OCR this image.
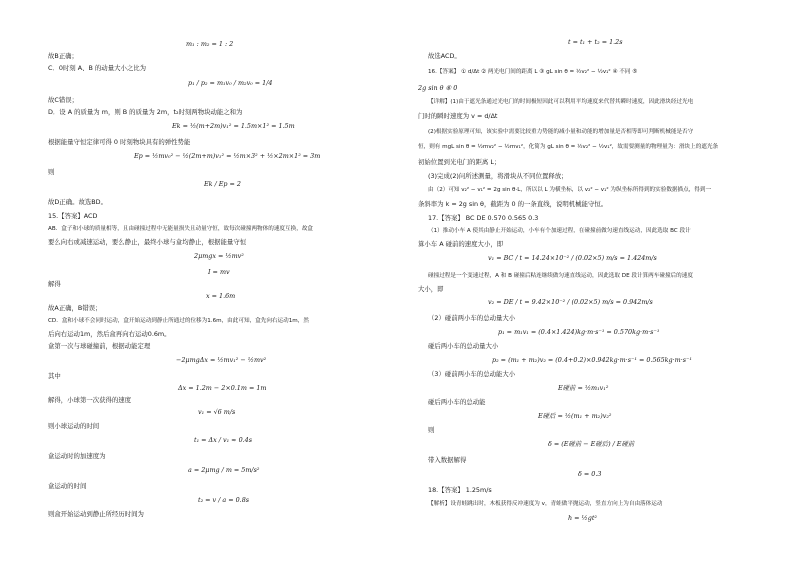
m₁ : m₂ = 1 : 2
故B正确；
C．0时刻 A、B 的动量大小之比为
p₁ / p₂ = m₁v₀ / m₂v₀ = 1/4
故C错误；
D．设 A 的质量为 m，则 B 的质量为 2m，t₂时刻两物块动能之和为
Ek = ½(m+2m)v₁² = 1.5m×1² = 1.5m
根据能量守恒定律可得 0 时刻物块具有的弹性势能
Ep = ½mv₀² − ½(2m+m)v₁² = ½m×3² + ½×2m×1² = 3m
则
Ek / Ep = 2
故D正确。故选BD。
15.【答案】ACD
AB．盒子和小球的质量相等，且由碰撞过程中无能量损失且动量守恒，故每次碰撞两物体的速度互换，故盒
要么向右或减速运动，要么静止，最终小球与盒均静止，根据能量守恒
2μmgx = ½mv²
I = mv
解得
x = 1.6m
故A正确，B错误；
CD．盒和小球不会同时运动，盒开始运动到静止所通过的位移为1.6m，由此可知，盒先向右运动1m，然
后向右运动1m，然后盒再向右运动0.6m。
盒第一次与球碰撞前，根据动能定理
−2μmgΔx = ½mv₁² − ½mv²
其中
Δx = 1.2m − 2×0.1m = 1m
解得，小球第一次获得的速度
v₁ = √6 m/s
则小球运动的时间
t₁ = Δx / v₁ ≈ 0.4s
盒运动时的加速度为
a = 2μmg / m = 5m/s²
盒运动的时间
t₂ = v / a = 0.8s
则盒开始运动到静止所经历时间为
t = t₁ + t₂ = 1.2s
故选ACD。
16.【答案】 ① d/Δt ② 两光电门间的距离 L ③ gL sin θ = ½v₂² − ½v₁² ④ 不同 ⑤
2g sin θ ⑥ 0
【详解】(1)由于遮光条通过光电门的时间极短因此可以利用平均速度来代替其瞬时速度，因此滑块经过光电
门时的瞬时速度为 v = d/Δt
(2)根据实验原理可知，该实验中需要比较重力势能的减小量和动能的增加量是否相等即可判断机械能是否守
恒，则有 mgL sin θ = ½mv₂² − ½mv₁²，化简为 gL sin θ = ½v₂² − ½v₁²，故需要测量的物理量为：滑块上的遮光条
初始位置到光电门的距离 L；
(3)完成(2)问所述测量，将滑块从不同位置释放；
由（2）可知 v₂² − v₁² = 2g sin θ·L，所以以 L 为横坐标，以 v₂² − v₁² 为纵坐标所得到的实验数据描点，得到一
条斜率为 k = 2g sin θ，截距为 0 的一条直线，说明机械能守恒。
17.【答案】 BC DE 0.570 0.565 0.3
（1）推动小车 A 使其由静止开始运动，小车有个加速过程，在碰撞前做匀速直线运动，因此选取 BC 段计
算小车 A 碰前的速度大小，即
v₁ = BC / t = 14.24×10⁻² / (0.02×5) m/s = 1.424m/s
碰撞过程是一个变速过程，A 和 B 碰撞后粘连继续做匀速直线运动，因此选取 DE 段计算两车碰撞后的速度
大小，即
v₂ = DE / t = 9.42×10⁻² / (0.02×5) m/s = 0.942m/s
（2）碰前两小车的总动量大小
p₁ = m₁v₁ = (0.4×1.424)kg·m·s⁻¹ = 0.570kg·m·s⁻¹
碰后两小车的总动量大小
p₂ = (m₁ + m₂)v₂ = (0.4+0.2)×0.942kg·m·s⁻¹ = 0.565kg·m·s⁻¹
（3）碰前两小车的总动能大小
E碰前 = ½m₁v₁²
碰后两小车的总动能
E碰后 = ½(m₁ + m₂)v₂²
则
δ = (E碰前 − E碰后) / E碰前
带入数据解得
δ = 0.3
18.【答案】 1.25m/s
【解析】设青蛙跳出时，木板获得反冲速度为 v，青蛙做平抛运动，竖直方向上为自由落体运动
h = ½gt²
